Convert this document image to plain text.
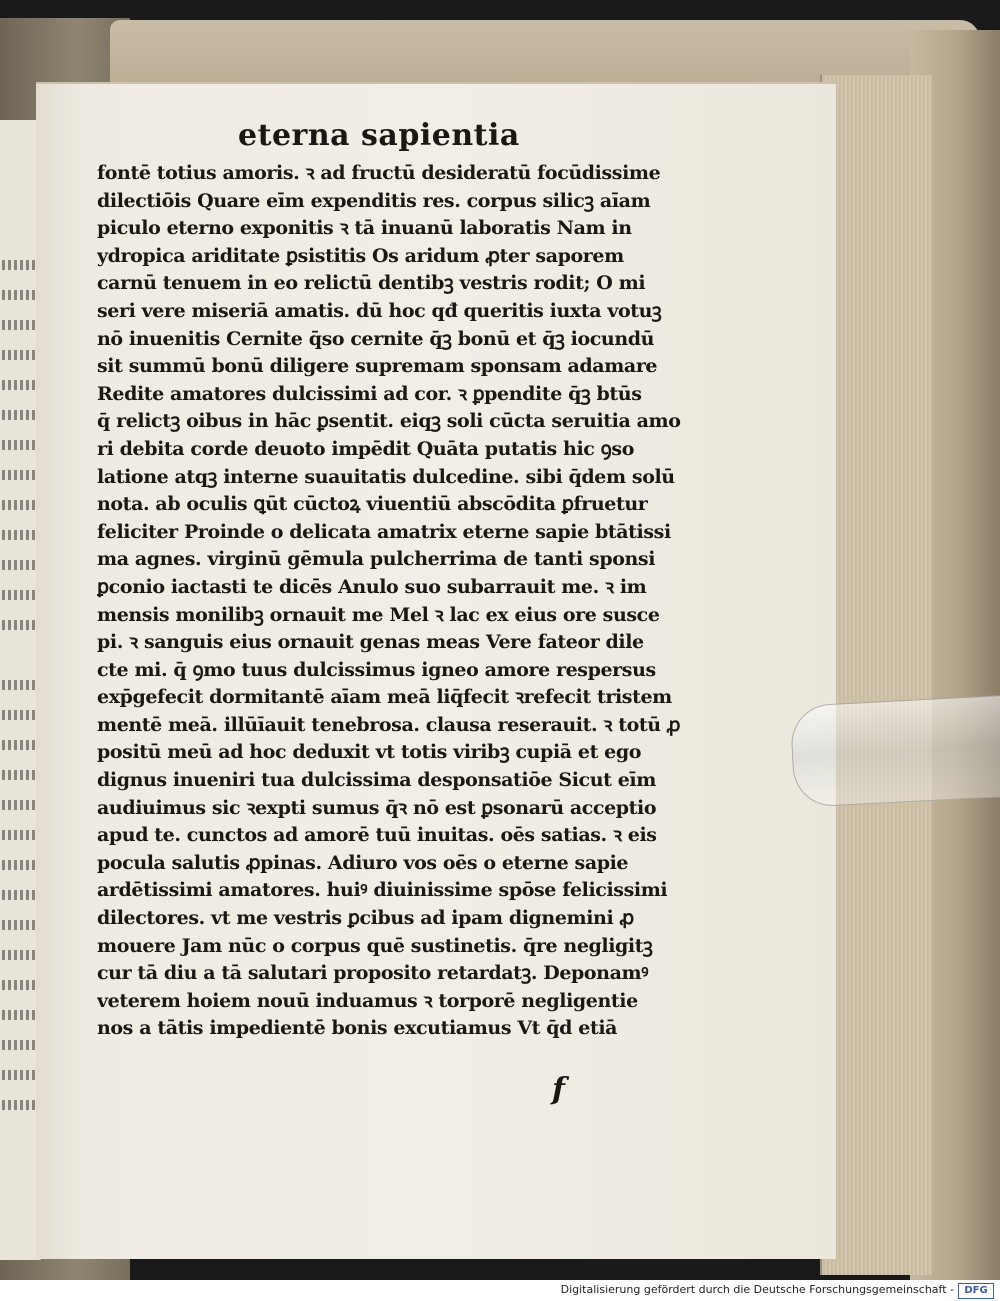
eterna sapientia
fontē totius amoris. ꝛ ad fructū desideratū focūdissime
dilectiōis Quare eīm expenditis res. corpus silicꝫ aīam
piculo eterno exponitis ꝛ tā inuanū laboratis Nam in
ydropica ariditate ꝑsistitis Os aridum ꝓter saporem
carnū tenuem in eo relictū dentibꝫ vestris rodit; O mi
seri vere miseriā amatis. dū hoc qđ queritis iuxta votuꝫ
nō inuenitis Cernite q̄so cernite q̄ꝫ bonū et q̄ꝫ iocundū
sit summū bonū diligere supremam sponsam adamare
Redite amatores dulcissimi ad cor. ꝛ ꝑpendite q̄ꝫ btūs
q̄ relictꝫ oibus in hāc ꝑsentit. eiqꝫ soli cūcta seruitia amo
ri debita corde deuoto impēdit Quāta putatis hic ꝯso
latione atqꝫ interne suauitatis dulcedine. sibi q̄dem solū
nota. ab oculis ꝗūt cūctoꝝ viuentiū abscōdita ꝑfruetur
feliciter Proinde o delicata amatrix eterne sapie btātissi
ma agnes. virginū gēmula pulcherrima de tanti sponsi
ꝑconio iactasti te dicēs Anulo suo subarrauit me. ꝛ im
mensis monilibꝫ ornauit me Mel ꝛ lac ex eius ore susce
pi. ꝛ sanguis eius ornauit genas meas Vere fateor dile
cte mi. q̄ ꝯmo tuus dulcissimus igneo amore respersus
exp̄gefecit dormitantē aīam meā liq̄fecit ꝛrefecit tristem
mentē meā. illūīauit tenebrosa. clausa reserauit. ꝛ totū ꝓ
positū meū ad hoc deduxit vt totis viribꝫ cupiā et ego
dignus inueniri tua dulcissima desponsatiōe Sicut eīm
audiuimus sic ꝛexpti sumus q̄ꝛ nō est ꝑsonarū acceptio
apud te. cunctos ad amorē tuū inuitas. oēs satias. ꝛ eis
pocula salutis ꝓpinas. Adiuro vos oēs o eterne sapie
ardētissimi amatores. huiꝰ diuinissime spōse felicissimi
dilectores. vt me vestris ꝑcibus ad ipam dignemini ꝓ
mouere Jam nūc o corpus quē sustinetis. q̄re negligitꝫ
cur tā diu a tā salutari proposito retardatꝫ. Deponamꝰ
veterem hoiem nouū induamus ꝛ torporē negligentie
nos a tātis impedientē bonis excutiamus Vt q̄d etiā
f
Digitalisierung gefördert durch die Deutsche Forschungsgemeinschaft -	DFG
